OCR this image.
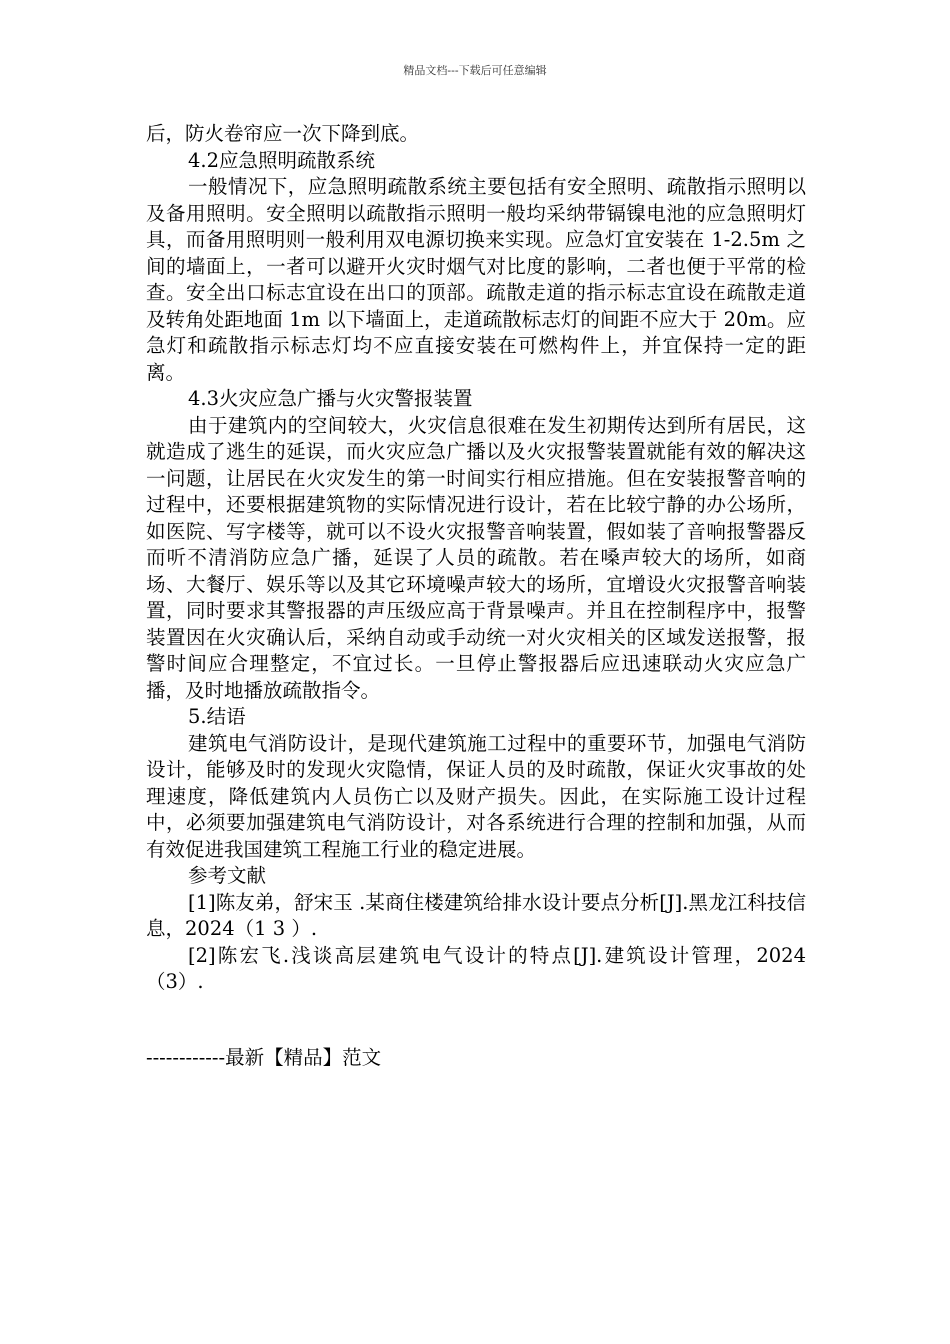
精品文档---下载后可任意编辑

后，防火卷帘应一次下降到底。

4.2应急照明疏散系统

一般情况下，应急照明疏散系统主要包括有安全照明、疏散指示照明以及备用照明。安全照明以疏散指示照明一般均采纳带镉镍电池的应急照明灯具，而备用照明则一般利用双电源切换来实现。应急灯宜安装在 1-2.5m 之间的墙面上，一者可以避开火灾时烟气对比度的影响，二者也便于平常的检查。安全出口标志宜设在出口的顶部。疏散走道的指示标志宜设在疏散走道及转角处距地面 1m 以下墙面上，走道疏散标志灯的间距不应大于 20m。应急灯和疏散指示标志灯均不应直接安装在可燃构件上，并宜保持一定的距离。

4.3火灾应急广播与火灾警报装置

由于建筑内的空间较大，火灾信息很难在发生初期传达到所有居民，这就造成了逃生的延误，而火灾应急广播以及火灾报警装置就能有效的解决这一问题，让居民在火灾发生的第一时间实行相应措施。但在安装报警音响的过程中，还要根据建筑物的实际情况进行设计，若在比较宁静的办公场所，如医院、写字楼等，就可以不设火灾报警音响装置，假如装了音响报警器反而听不清消防应急广播，延误了人员的疏散。若在嗓声较大的场所，如商场、大餐厅、娱乐等以及其它环境噪声较大的场所，宜增设火灾报警音响装置，同时要求其警报器的声压级应高于背景噪声。并且在控制程序中，报警装置因在火灾确认后，采纳自动或手动统一对火灾相关的区域发送报警，报警时间应合理整定，不宜过长。一旦停止警报器后应迅速联动火灾应急广播，及时地播放疏散指令。

5.结语

建筑电气消防设计，是现代建筑施工过程中的重要环节，加强电气消防设计，能够及时的发现火灾隐情，保证人员的及时疏散，保证火灾事故的处理速度，降低建筑内人员伤亡以及财产损失。因此，在实际施工设计过程中，必须要加强建筑电气消防设计，对各系统进行合理的控制和加强，从而有效促进我国建筑工程施工行业的稳定进展。

参考文献

[1]陈友弟，舒宋玉 .某商住楼建筑给排水设计要点分析[J].黑龙江科技信息，2024（1 3 ）.

[2]陈宏飞.浅谈高层建筑电气设计的特点[J].建筑设计管理，2024（3）.

------------最新【精品】范文
